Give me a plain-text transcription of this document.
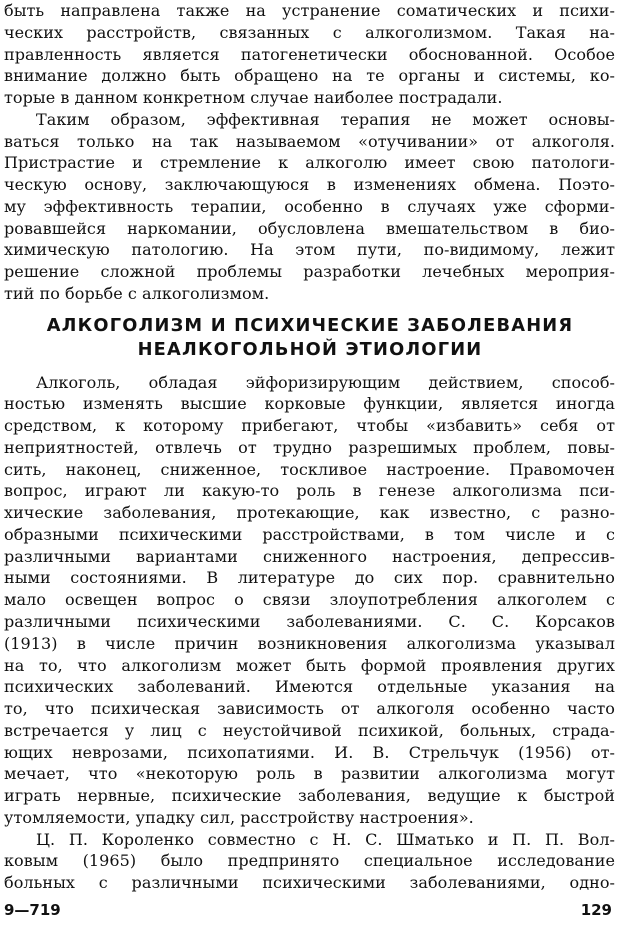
быть направлена также на устранение соматических и психи-
ческих расстройств, связанных с алкоголизмом. Такая на-
правленность является патогенетически обоснованной. Особое
внимание должно быть обращено на те органы и системы, ко-
торые в данном конкретном случае наиболее пострадали.
Таким образом, эффективная терапия не может основы-
ваться только на так называемом «отучивании» от алкоголя.
Пристрастие и стремление к алкоголю имеет свою патологи-
ческую основу, заключающуюся в изменениях обмена. Поэто-
му эффективность терапии, особенно в случаях уже сформи-
ровавшейся наркомании, обусловлена вмешательством в био-
химическую патологию. На этом пути, по-видимому, лежит
решение сложной проблемы разработки лечебных мероприя-
тий по борьбе с алкоголизмом.
АЛКОГОЛИЗМ И ПСИХИЧЕСКИЕ ЗАБОЛЕВАНИЯ
НЕАЛКОГОЛЬНОЙ ЭТИОЛОГИИ
Алкоголь, обладая эйфоризирующим действием, способ-
ностью изменять высшие корковые функции, является иногда
средством, к которому прибегают, чтобы «избавить» себя от
неприятностей, отвлечь от трудно разрешимых проблем, повы-
сить, наконец, сниженное, тоскливое настроение. Правомочен
вопрос, играют ли какую-то роль в генезе алкоголизма пси-
хические заболевания, протекающие, как известно, с разно-
образными психическими расстройствами, в том числе и с
различными вариантами сниженного настроения, депрессив-
ными состояниями. В литературе до сих пор. сравнительно
мало освещен вопрос о связи злоупотребления алкоголем с
различными психическими заболеваниями. С. С. Корсаков
(1913) в числе причин возникновения алкоголизма указывал
на то, что алкоголизм может быть формой проявления других
психических заболеваний. Имеются отдельные указания на
то, что психическая зависимость от алкоголя особенно часто
встречается у лиц с неустойчивой психикой, больных, страда-
ющих неврозами, психопатиями. И. В. Стрельчук (1956) от-
мечает, что «некоторую роль в развитии алкоголизма могут
играть нервные, психические заболевания, ведущие к быстрой
утомляемости, упадку сил, расстройству настроения».
Ц. П. Короленко совместно с Н. С. Шматько и П. П. Вол-
ковым (1965) было предпринято специальное исследование
больных с различными психическими заболеваниями, одно-
9—719	129
